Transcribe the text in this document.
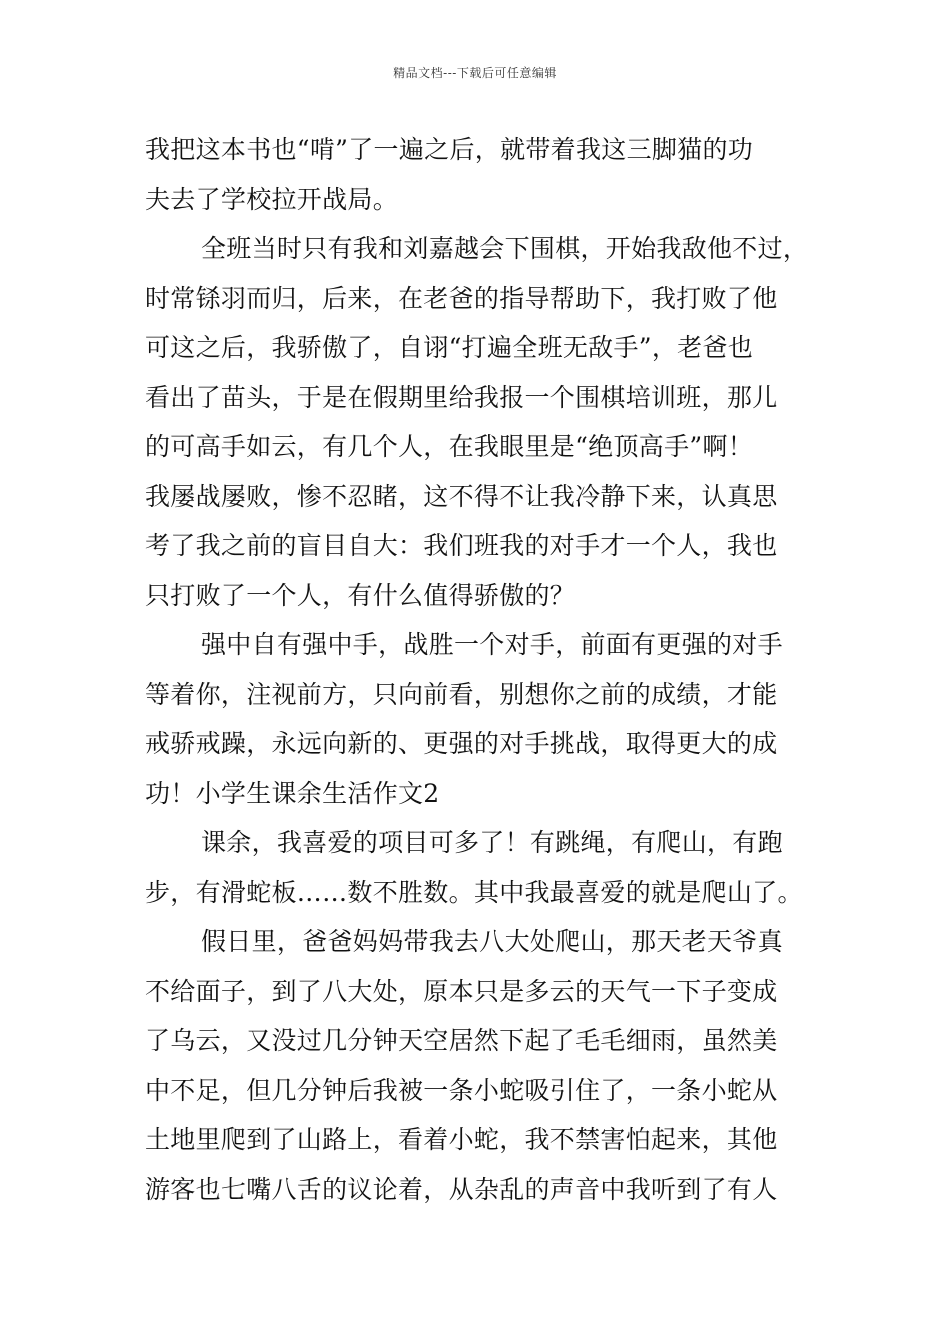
精品文档---下载后可任意编辑
我把这本书也“啃”了一遍之后，就带着我这三脚猫的功
夫去了学校拉开战局。
全班当时只有我和刘嘉越会下围棋，开始我敌他不过，
时常铩羽而归，后来，在老爸的指导帮助下，我打败了他
可这之后，我骄傲了，自诩“打遍全班无敌手”，老爸也
看出了苗头，于是在假期里给我报一个围棋培训班，那儿
的可高手如云，有几个人，在我眼里是“绝顶高手”啊！
我屡战屡败，惨不忍睹，这不得不让我冷静下来，认真思
考了我之前的盲目自大：我们班我的对手才一个人，我也
只打败了一个人，有什么值得骄傲的？
强中自有强中手，战胜一个对手，前面有更强的对手
等着你，注视前方，只向前看，别想你之前的成绩，才能
戒骄戒躁，永远向新的、更强的对手挑战，取得更大的成
功！小学生课余生活作文2
课余，我喜爱的项目可多了！有跳绳，有爬山，有跑
步，有滑蛇板……数不胜数。其中我最喜爱的就是爬山了。
假日里，爸爸妈妈带我去八大处爬山，那天老天爷真
不给面子，到了八大处，原本只是多云的天气一下子变成
了乌云，又没过几分钟天空居然下起了毛毛细雨，虽然美
中不足，但几分钟后我被一条小蛇吸引住了，一条小蛇从
土地里爬到了山路上，看着小蛇，我不禁害怕起来，其他
游客也七嘴八舌的议论着，从杂乱的声音中我听到了有人
